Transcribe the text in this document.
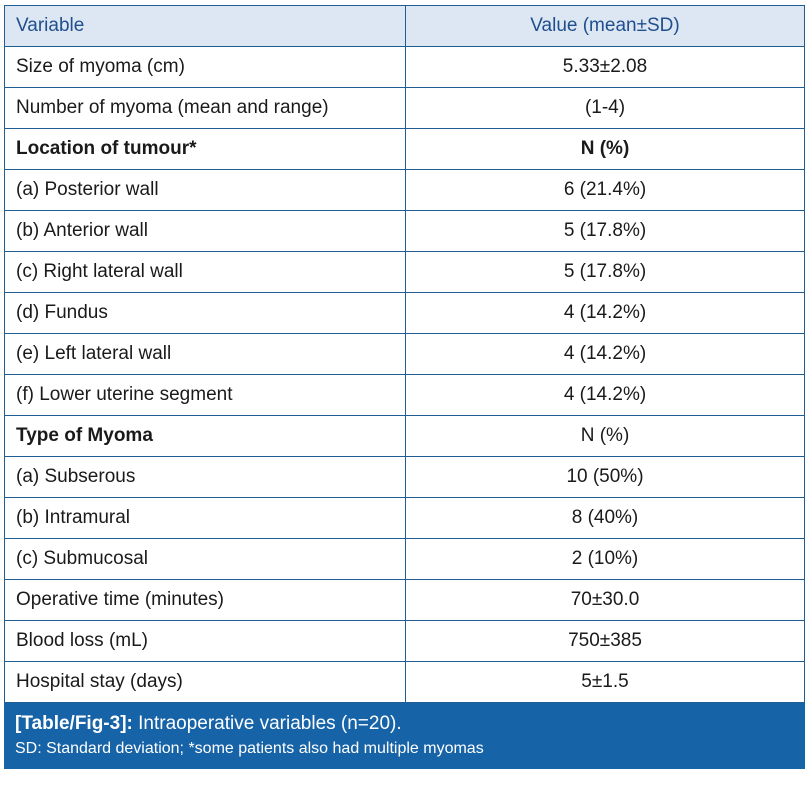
Variable	Value (mean±SD)
Size of myoma (cm)	5.33±2.08
Number of myoma (mean and range)	(1-4)
Location of tumour*	N (%)
(a) Posterior wall	6 (21.4%)
(b) Anterior wall	5 (17.8%)
(c) Right lateral wall	5 (17.8%)
(d) Fundus	4 (14.2%)
(e) Left lateral wall	4 (14.2%)
(f) Lower uterine segment	4 (14.2%)
Type of Myoma	N (%)
(a) Subserous	10 (50%)
(b) Intramural	8 (40%)
(c) Submucosal	2 (10%)
Operative time (minutes)	70±30.0
Blood loss (mL)	750±385
Hospital stay (days)	5±1.5
[Table/Fig-3]: Intraoperative variables (n=20).
SD: Standard deviation; *some patients also had multiple myomas
